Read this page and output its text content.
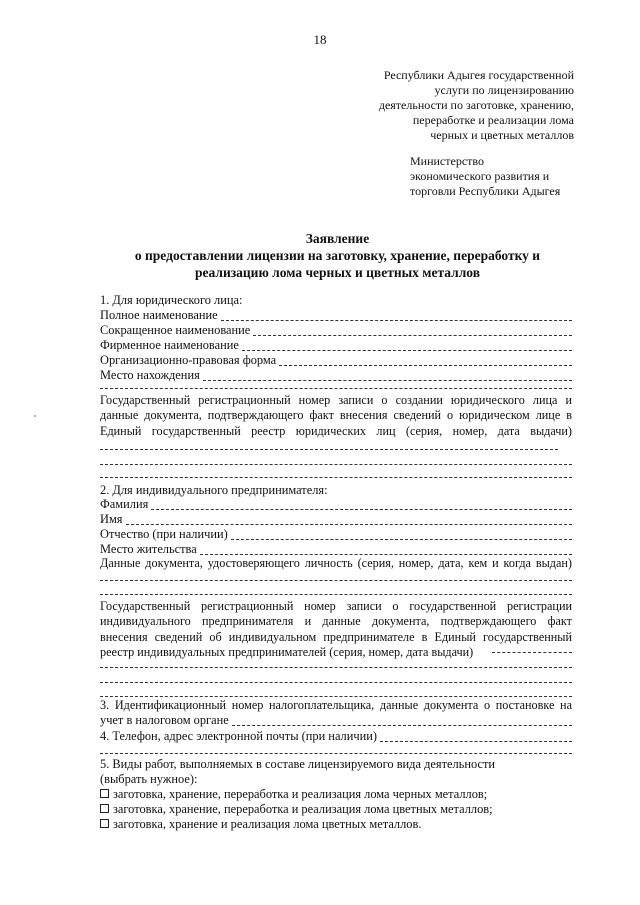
18
Республики Адыгея государственной
услуги по лицензированию
деятельности по заготовке, хранению,
переработке и реализации лома
черных и цветных металлов
Министерство
экономического развития и
торговли Республики Адыгея
Заявление
о предоставлении лицензии на заготовку, хранение, переработку и
реализацию лома черных и цветных металлов
1. Для юридического лица:
Полное наименование
Сокращенное наименование
Фирменное наименование
Организационно-правовая форма
Место нахождения
Государственный регистрационный номер записи о создании юридического лица и
данные документа, подтверждающего факт внесения сведений о юридическом лице в
Единый государственный реестр юридических лиц (серия, номер, дата выдачи)
2. Для индивидуального предпринимателя:
Фамилия
Имя
Отчество (при наличии)
Место жительства
Данные документа, удостоверяющего личность (серия, номер, дата, кем и когда выдан)
Государственный регистрационный номер записи о государственной регистрации
индивидуального предпринимателя и данные документа, подтверждающего факт
внесения сведений об индивидуальном предпринимателе в Единый государственный
реестр индивидуальных предпринимателей (серия, номер, дата выдачи)
3. Идентификационный номер налогоплательщика, данные документа о постановке на
учет в налоговом органе
4. Телефон, адрес электронной почты (при наличии)
5. Виды работ, выполняемых в составе лицензируемого вида деятельности
(выбрать нужное):
заготовка, хранение, переработка и реализация лома черных металлов;
заготовка, хранение, переработка и реализация лома цветных металлов;
заготовка, хранение и реализация лома цветных металлов.
